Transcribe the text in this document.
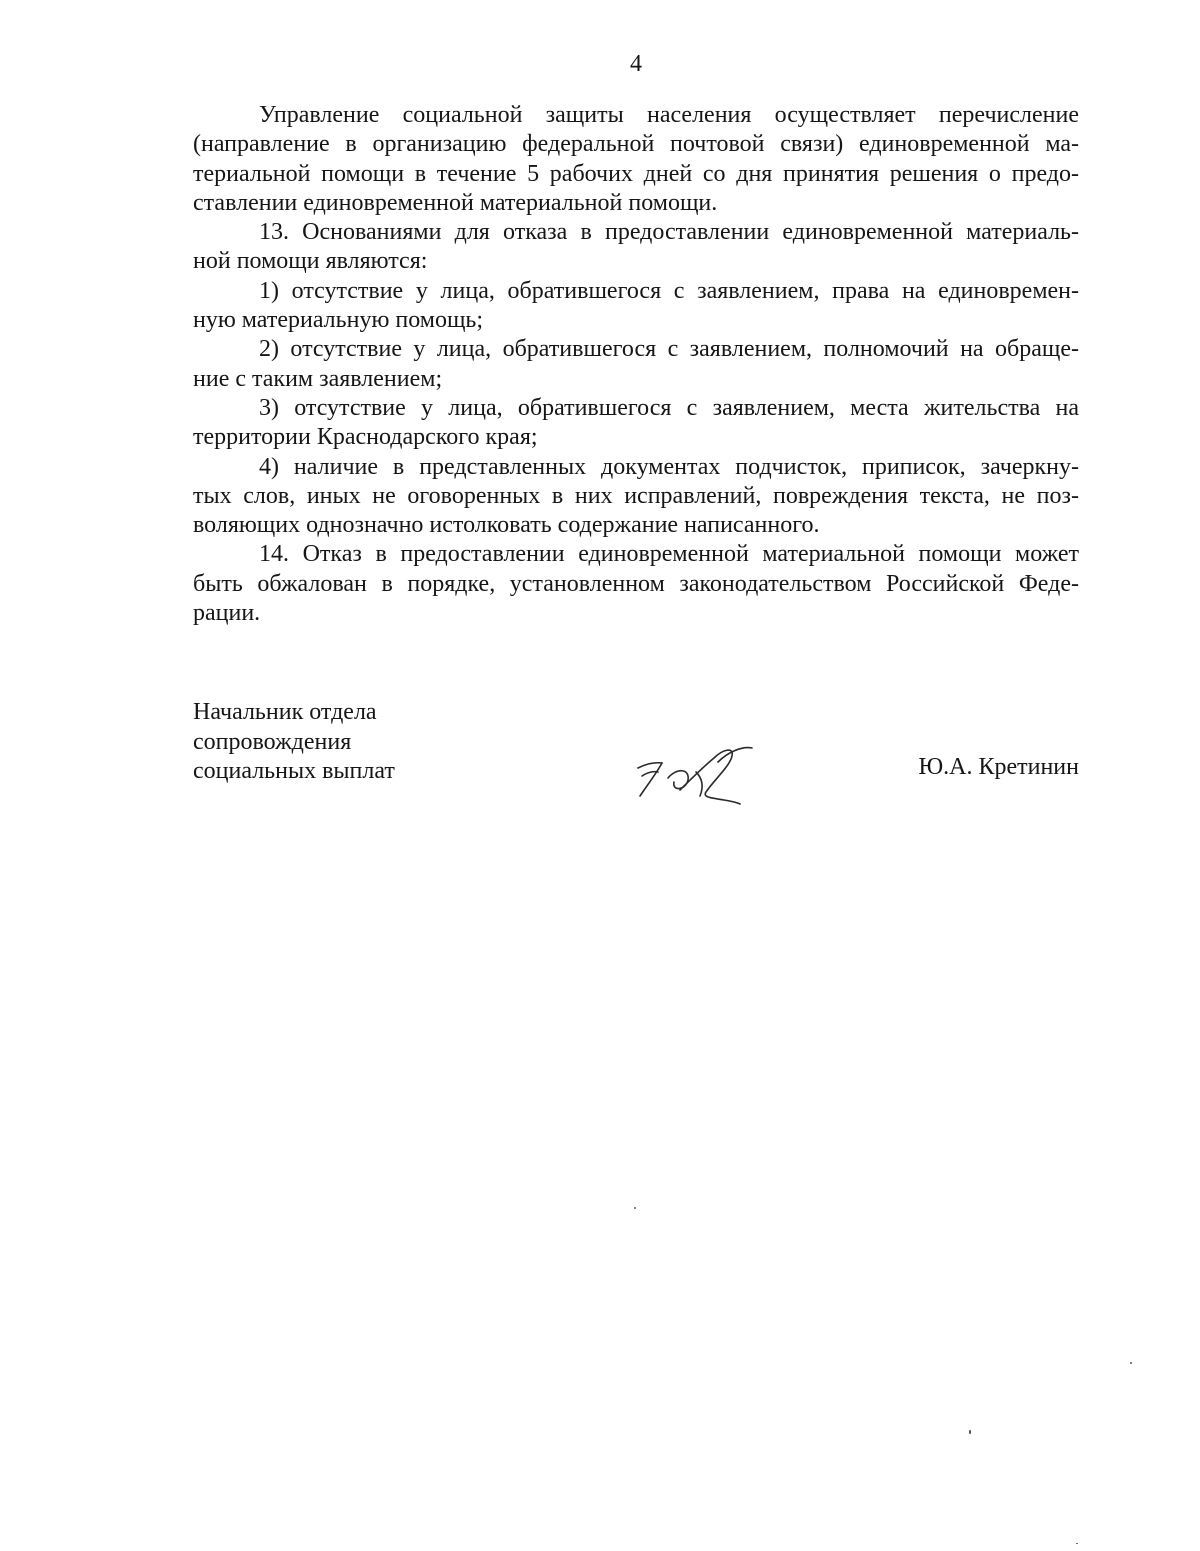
4
Управление социальной защиты населения осуществляет перечисление
(направление в организацию федеральной почтовой связи) единовременной ма-
териальной помощи в течение 5 рабочих дней со дня принятия решения о предо-
ставлении единовременной материальной помощи.
13. Основаниями для отказа в предоставлении единовременной материаль-
ной помощи являются:
1) отсутствие у лица, обратившегося с заявлением, права на единовремен-
ную материальную помощь;
2) отсутствие у лица, обратившегося с заявлением, полномочий на обраще-
ние с таким заявлением;
3) отсутствие у лица, обратившегося с заявлением, места жительства на
территории Краснодарского края;
4) наличие в представленных документах подчисток, приписок, зачеркну-
тых слов, иных не оговоренных в них исправлений, повреждения текста, не поз-
воляющих однозначно истолковать содержание написанного.
14. Отказ в предоставлении единовременной материальной помощи может
быть обжалован в порядке, установленном законодательством Российской Феде-
рации.
Начальник отдела
сопровождения
социальных выплат	Ю.А. Кретинин
